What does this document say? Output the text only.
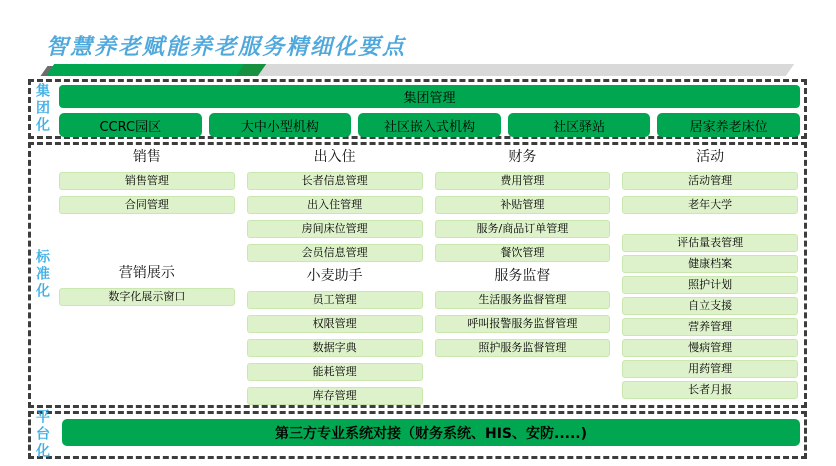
智慧养老赋能养老服务精细化要点
集团化
集团管理
CCRC园区	大中小型机构	社区嵌入式机构	社区驿站	居家养老床位
标准化
销售
销售管理
合同管理
营销展示
数字化展示窗口
出入住
长者信息管理
出入住管理
房间床位管理
会员信息管理
小麦助手
员工管理
权限管理
数据字典
能耗管理
库存管理
财务
费用管理
补贴管理
服务/商品订单管理
餐饮管理
服务监督
生活服务监督管理
呼叫报警服务监督管理
照护服务监督管理
活动
活动管理
老年大学
评估量表管理
健康档案
照护计划
自立支援
营养管理
慢病管理
用药管理
长者月报
平台化
第三方专业系统对接（财务系统、HIS、安防.....)
